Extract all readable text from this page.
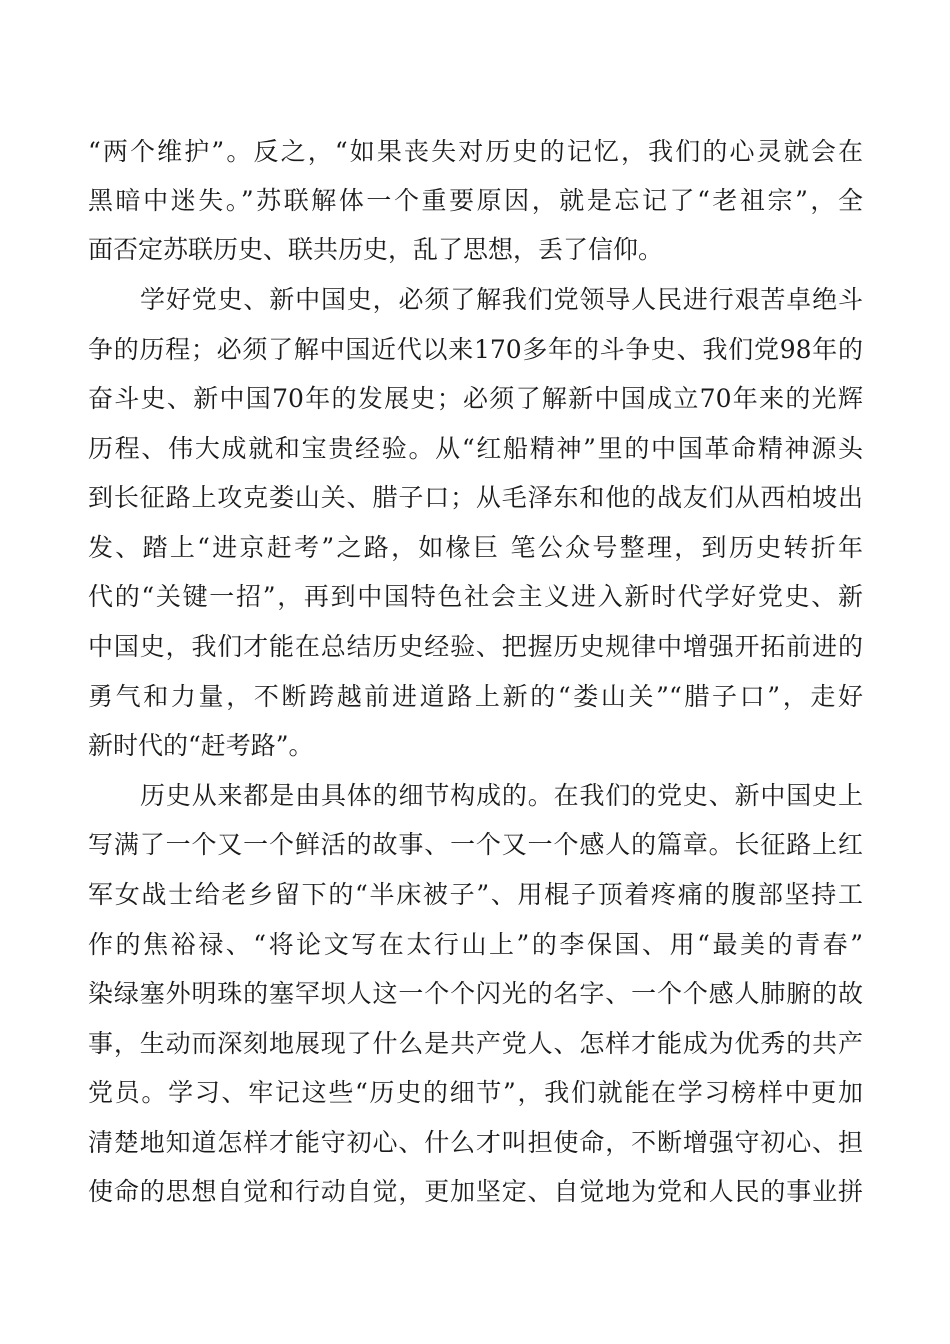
“两个维护”。反之，“如果丧失对历史的记忆，我们的心灵就会在
黑暗中迷失。”苏联解体一个重要原因，就是忘记了“老祖宗”，全
面否定苏联历史、联共历史，乱了思想，丢了信仰。
学好党史、新中国史，必须了解我们党领导人民进行艰苦卓绝斗
争的历程；必须了解中国近代以来170多年的斗争史、我们党98年的
奋斗史、新中国70年的发展史；必须了解新中国成立70年来的光辉
历程、伟大成就和宝贵经验。从“红船精神”里的中国革命精神源头
到长征路上攻克娄山关、腊子口；从毛泽东和他的战友们从西柏坡出
发、踏上“进京赶考”之路，如椽巨 笔公众号整理，到历史转折年
代的“关键一招”，再到中国特色社会主义进入新时代学好党史、新
中国史，我们才能在总结历史经验、把握历史规律中增强开拓前进的
勇气和力量，不断跨越前进道路上新的“娄山关”“腊子口”，走好
新时代的“赶考路”。
历史从来都是由具体的细节构成的。在我们的党史、新中国史上
写满了一个又一个鲜活的故事、一个又一个感人的篇章。长征路上红
军女战士给老乡留下的“半床被子”、用棍子顶着疼痛的腹部坚持工
作的焦裕禄、“将论文写在太行山上”的李保国、用“最美的青春”
染绿塞外明珠的塞罕坝人这一个个闪光的名字、一个个感人肺腑的故
事，生动而深刻地展现了什么是共产党人、怎样才能成为优秀的共产
党员。学习、牢记这些“历史的细节”，我们就能在学习榜样中更加
清楚地知道怎样才能守初心、什么才叫担使命，不断增强守初心、担
使命的思想自觉和行动自觉，更加坚定、自觉地为党和人民的事业拼
